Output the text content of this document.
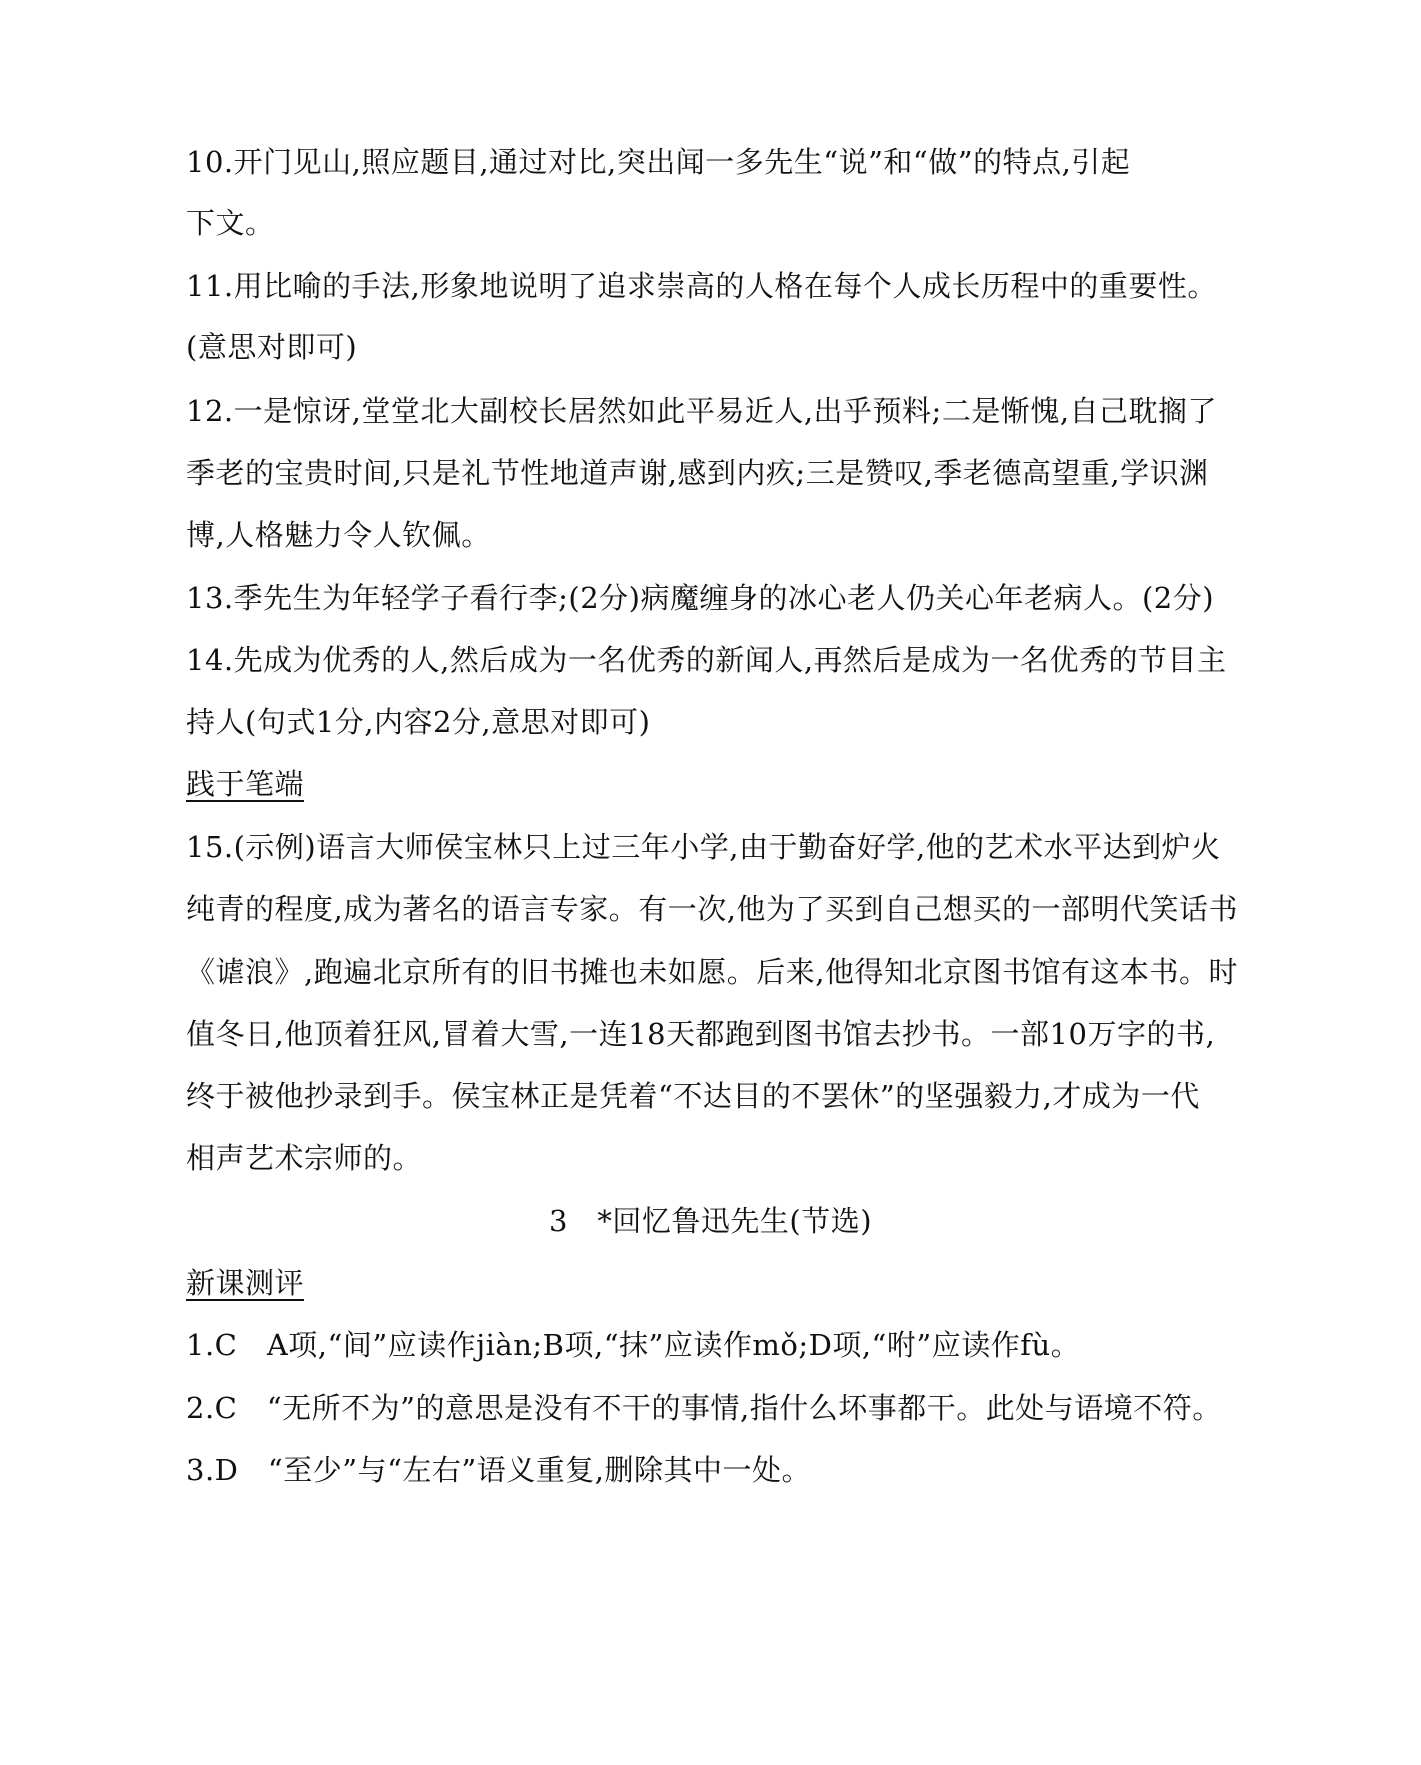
10.开门见山,照应题目,通过对比,突出闻一多先生“说”和“做”的特点,引起
下文。
11.用比喻的手法,形象地说明了追求崇高的人格在每个人成长历程中的重要性。
(意思对即可)
12.一是惊讶,堂堂北大副校长居然如此平易近人,出乎预料;二是惭愧,自己耽搁了
季老的宝贵时间,只是礼节性地道声谢,感到内疚;三是赞叹,季老德高望重,学识渊
博,人格魅力令人钦佩。
13.季先生为年轻学子看行李;(2分)病魔缠身的冰心老人仍关心年老病人。(2分)
14.先成为优秀的人,然后成为一名优秀的新闻人,再然后是成为一名优秀的节目主
持人(句式1分,内容2分,意思对即可)
践于笔端
15.(示例)语言大师侯宝林只上过三年小学,由于勤奋好学,他的艺术水平达到炉火
纯青的程度,成为著名的语言专家。有一次,他为了买到自己想买的一部明代笑话书
《谑浪》,跑遍北京所有的旧书摊也未如愿。后来,他得知北京图书馆有这本书。时
值冬日,他顶着狂风,冒着大雪,一连18天都跑到图书馆去抄书。一部10万字的书,
终于被他抄录到手。侯宝林正是凭着“不达目的不罢休”的坚强毅力,才成为一代
相声艺术宗师的。
3　*回忆鲁迅先生(节选)
新课测评
1.C　A项,“间”应读作jiàn;B项,“抹”应读作mǒ;D项,“咐”应读作fù。
2.C　“无所不为”的意思是没有不干的事情,指什么坏事都干。此处与语境不符。
3.D　“至少”与“左右”语义重复,删除其中一处。
